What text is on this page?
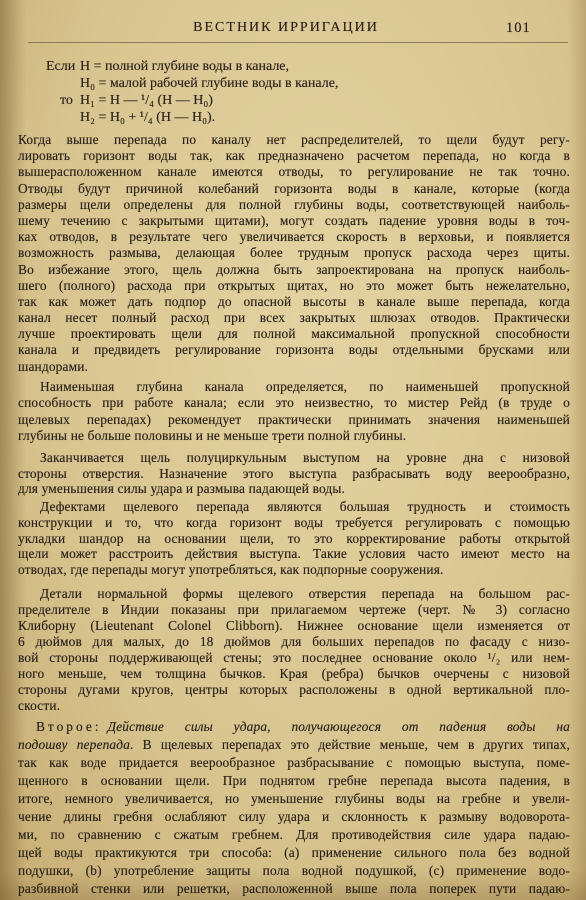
ВЕСТНИК ИРРИГАЦИИ	101
Если H = полной глубине воды в канале,
H₀ = малой рабочей глубине воды в канале,
то H₁ = H — ¹/₄ (H — H₀)
H₂ = H₀ + ¹/₄ (H — H₀).
Когда выше перепада по каналу нет распределителей, то щели будут регу-
лировать горизонт воды так, как предназначено расчетом перепада, но когда в
вышерасположенном канале имеются отводы, то регулирование не так точно.
Отводы будут причиной колебаний горизонта воды в канале, которые (когда
размеры щели определены для полной глубины воды, соответствующей наиболь-
шему течению с закрытыми щитами), могут создать падение уровня воды в точ-
ках отводов, в результате чего увеличивается скорость в верховьи, и появляется
возможность размыва, делающая более трудным пропуск расхода через щиты.
Во избежание этого, щель должна быть запроектирована на пропуск наиболь-
шего (полного) расхода при открытых щитах, но это может быть нежелательно,
так как может дать подпор до опасной высоты в канале выше перепада, когда
канал несет полный расход при всех закрытых шлюзах отводов. Практически
лучше проектировать щели для полной максимальной пропускной способности
канала и предвидеть регулирование горизонта воды отдельными брусками или
шандорами.
Наименьшая глубина канала определяется, по наименьшей пропускной
способность при работе канала; если это неизвестно, то мистер Рейд (в труде о
щелевых перепадах) рекомендует практически принимать значения наименьшей
глубины не больше половины и не меньше трети полной глубины.
Заканчивается щель полуциркульным выступом на уровне дна с низовой
стороны отверстия. Назначение этого выступа разбрасывать воду веерообразно,
для уменьшения силы удара и размыва падающей воды.
Дефектами щелевого перепада являются большая трудность и стоимость
конструкции и то, что когда горизонт воды требуется регулировать с помощью
укладки шандор на основании щели, то это корректирование работы открытой
щели может расстроить действия выступа. Такие условия часто имеют место на
отводах, где перепады могут употребляться, как подпорные сооружения.
Детали нормальной формы щелевого отверстия перепада на большом рас-
пределителе в Индии показаны при прилагаемом чертеже (черт. № 3) согласно
Клиборну (Lieutenant Colonel Clibborn). Нижнее основание щели изменяется от
6 дюймов для малых, до 18 дюймов для больших перепадов по фасаду с низо-
вой стороны поддерживающей стены; это последнее основание около ¹/₂ или нем-
ного меньше, чем толщина бычков. Края (ребра) бычков очерчены с низовой
стороны дугами кругов, центры которых расположены в одной вертикальной пло-
скости.
Второе: Действие силы удара, получающегося от падения воды на
подошву перепада. В щелевых перепадах это действие меньше, чем в других типах,
так как воде придается веерообразное разбрасывание с помощью выступа, поме-
щенного в основании щели. При поднятом гребне перепада высота падения, в
итоге, немного увеличивается, но уменьшение глубины воды на гребне и увели-
чение длины гребня ослабляют силу удара и склонность к размыву водоворота-
ми, по сравнению с сжатым гребнем. Для противодействия силе удара падаю-
щей воды практикуются три способа: (a) применение сильного пола без водной
подушки, (b) употребление защиты пола водной подушкой, (c) применение водо-
разбивной стенки или решетки, расположенной выше пола поперек пути падаю-
